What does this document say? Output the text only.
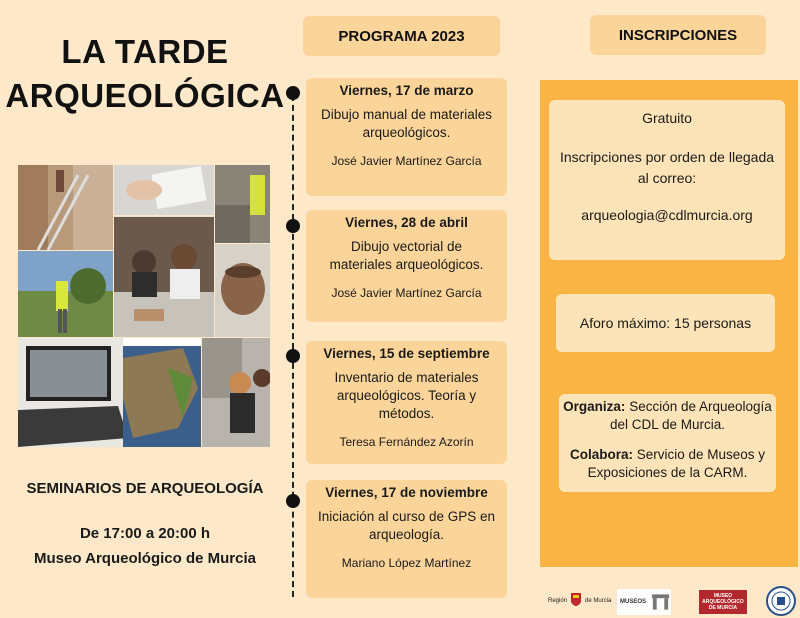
LA TARDE
ARQUEOLÓGICA
SEMINARIOS DE ARQUEOLOGÍA
De 17:00 a 20:00 h
Museo Arqueológico de Murcia
PROGRAMA 2023
Viernes, 17 de marzo
Dibujo manual de materiales arqueológicos.
José Javier Martínez García
Viernes, 28 de abril
Dibujo vectorial de materiales arqueológicos.
José Javier Martínez García
Viernes, 15 de septiembre
Inventario de materiales arqueológicos. Teoría y métodos.
Teresa Fernández Azorín
Viernes, 17 de noviembre
Iniciación al curso de GPS en arqueología.
Mariano López Martínez
INSCRIPCIONES
Gratuito
Inscripciones por orden de llegada al correo:
arqueologia@cdlmurcia.org
Aforo máximo: 15 personas
Organiza: Sección de Arqueología del CDL de Murcia.
Colabora: Servicio de Museos y Exposiciones de la CARM.
Región	de Murcia MUSEOS
MUSEO
ARQUEOLÓGICO
DE MURCIA
